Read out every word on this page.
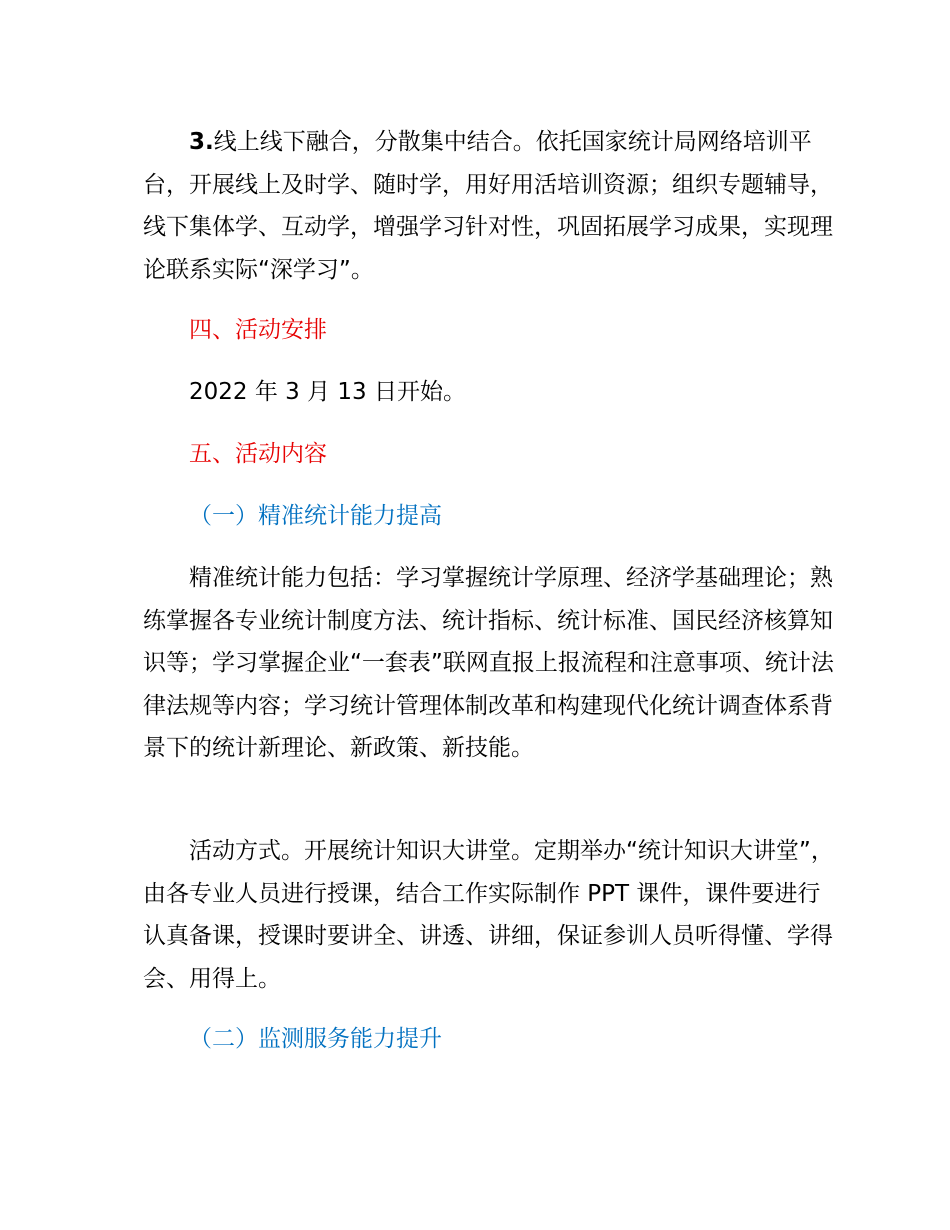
3.线上线下融合，分散集中结合。依托国家统计局网络培训平台，开展线上及时学、随时学，用好用活培训资源；组织专题辅导，线下集体学、互动学，增强学习针对性，巩固拓展学习成果，实现理论联系实际“深学习”。

四、活动安排

2022 年 3 月 13 日开始。

五、活动内容

（一）精准统计能力提高

精准统计能力包括：学习掌握统计学原理、经济学基础理论；熟练掌握各专业统计制度方法、统计指标、统计标准、国民经济核算知识等；学习掌握企业“一套表”联网直报上报流程和注意事项、统计法律法规等内容；学习统计管理体制改革和构建现代化统计调查体系背景下的统计新理论、新政策、新技能。

活动方式。开展统计知识大讲堂。定期举办“统计知识大讲堂”，由各专业人员进行授课，结合工作实际制作 PPT 课件，课件要进行认真备课，授课时要讲全、讲透、讲细，保证参训人员听得懂、学得会、用得上。

（二）监测服务能力提升
